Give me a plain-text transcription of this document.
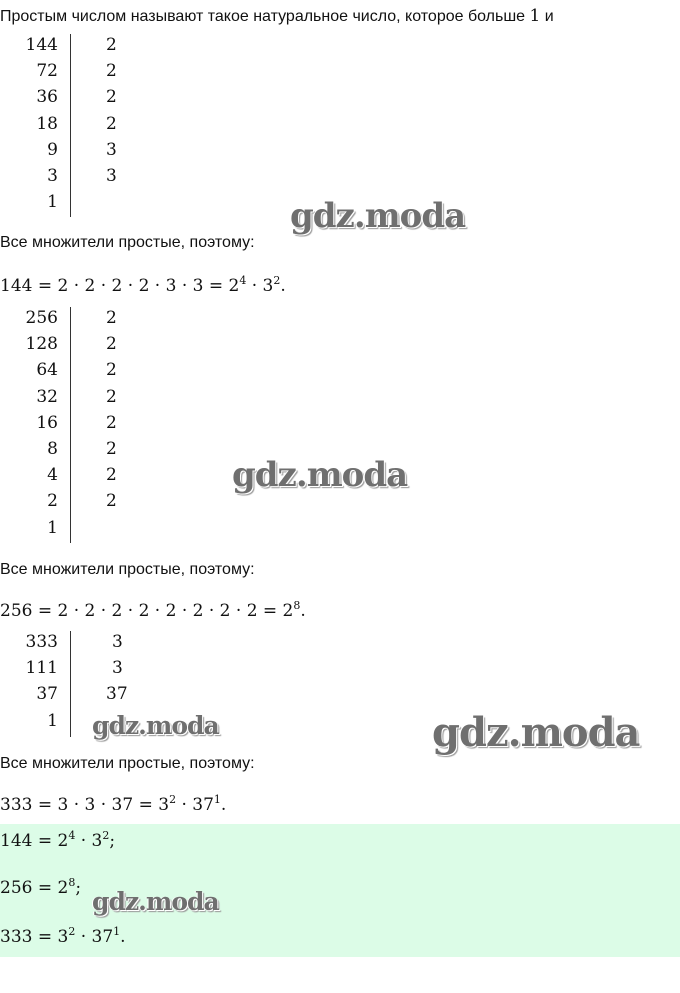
Простым числом называют такое натуральное число, которое больше 1 и
144	2
72	2
36	2
18	2
9	3
3	3
1	gdz.moda
Все множители простые, поэтому:
$144 = 2 \cdot 2 \cdot 2 \cdot 2 \cdot 3 \cdot 3 = 2^4 \cdot 3^2$.
256	2
128	2
64	2
32	2
16	2
8	2
4	2
2	2
1
gdz.moda
Все множители простые, поэтому:
$256 = 2 \cdot 2 \cdot 2 \cdot 2 \cdot 2 \cdot 2 \cdot 2 \cdot 2 = 2^8$.
333	3
111	3
37	37
1 gdz.moda	gdz.moda
Все множители простые, поэтому:
$333 = 3 \cdot 3 \cdot 37 = 3^2 \cdot 37^1$.
$144 = 2^4 \cdot 3^2$;
$256 = 2^8$;
$333 = 3^2 \cdot 37^1$.
gdz.moda
